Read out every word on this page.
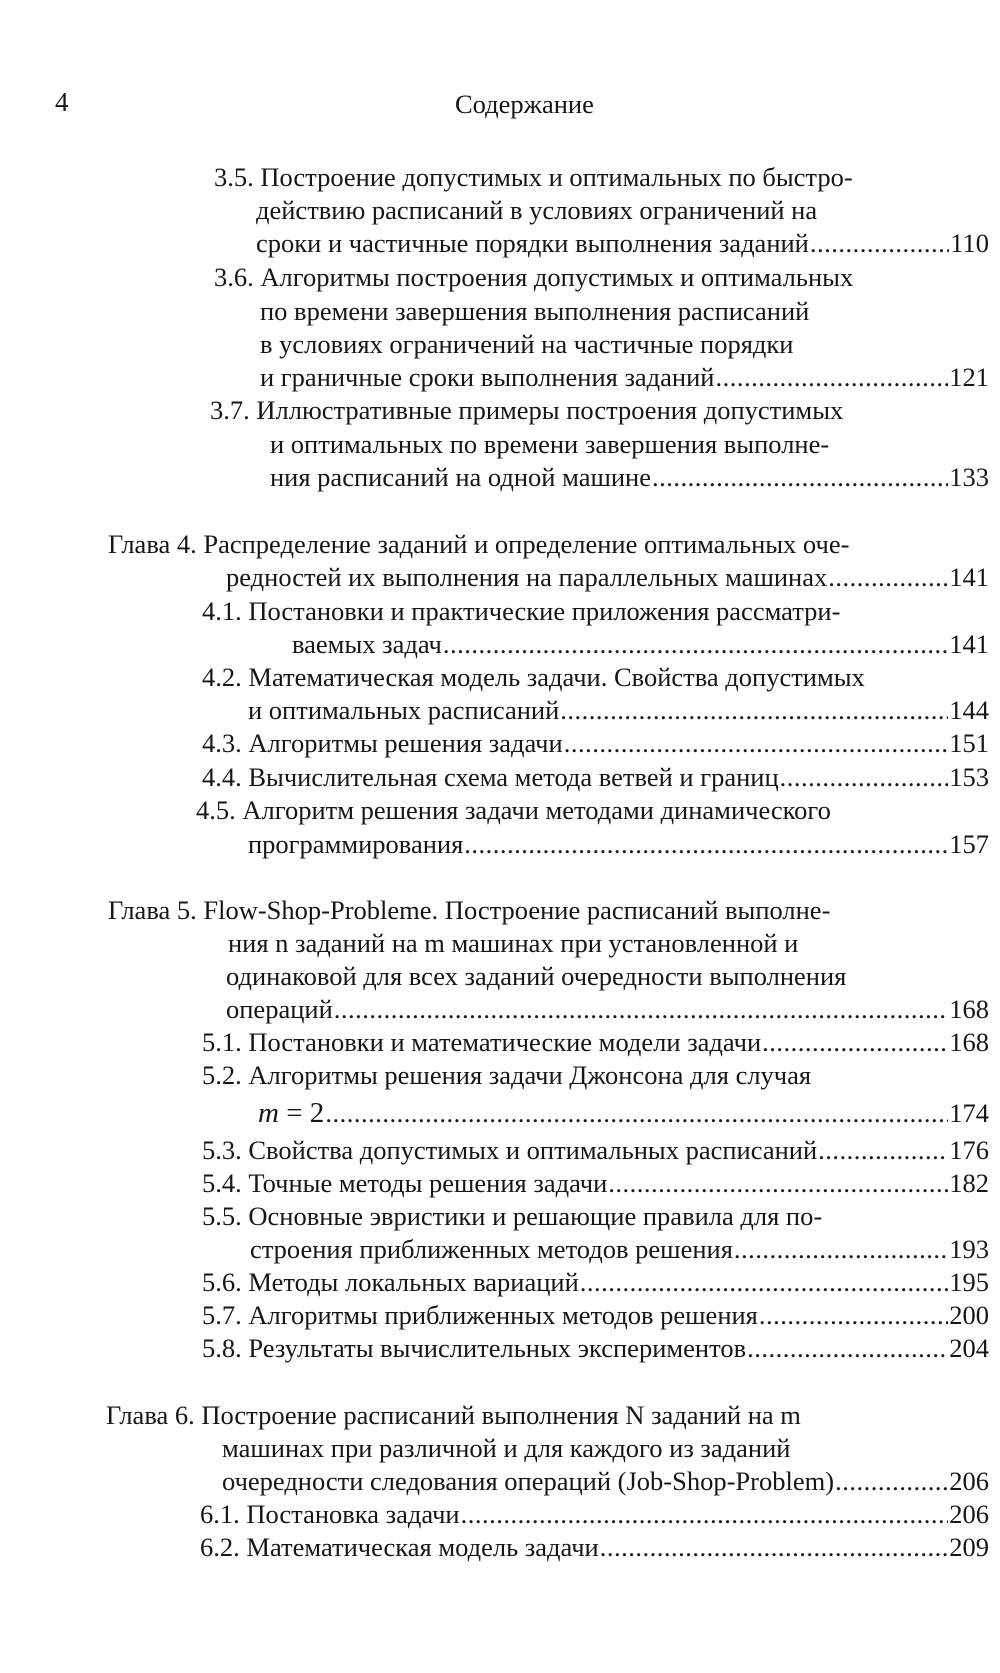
4	Содержание
3.5. Построение допустимых и оптимальных по быстро-
действию расписаний в условиях ограничений на
сроки и частичные порядки выполнения заданий .....	110
3.6. Алгоритмы построения допустимых и оптимальных
по времени завершения выполнения расписаний
в условиях ограничений на частичные порядки
и граничные сроки выполнения заданий .....	121
3.7. Иллюстративные примеры построения допустимых
и оптимальных по времени завершения выполне-
ния расписаний на одной машине .....	133
Глава 4. Распределение заданий и определение оптимальных оче-
редностей их выполнения на параллельных машинах .....	141
4.1. Постановки и практические приложения рассматри-
ваемых задач .....	141
4.2. Математическая модель задачи. Свойства допустимых
и оптимальных расписаний .....	144
4.3. Алгоритмы решения задачи .....	151
4.4. Вычислительная схема метода ветвей и границ .....	153
4.5. Алгоритм решения задачи методами динамического
программирования .....	157
Глава 5. Flow-Shop-Probleme. Построение расписаний выполне-
ния n заданий на m машинах при установленной и
одинаковой для всех заданий очередности выполнения
операций .....	168
5.1. Постановки и математические модели задачи .....	168
5.2. Алгоритмы решения задачи Джонсона для случая
m = 2 .....	174
5.3. Свойства допустимых и оптимальных расписаний .....	176
5.4. Точные методы решения задачи .....	182
5.5. Основные эвристики и решающие правила для по-
строения приближенных методов решения .....	193
5.6. Методы локальных вариаций .....	195
5.7. Алгоритмы приближенных методов решения .....	200
5.8. Результаты вычислительных экспериментов .....	204
Глава 6. Построение расписаний выполнения N заданий на m
машинах при различной и для каждого из заданий
очередности следования операций (Job-Shop-Problem) .....	206
6.1. Постановка задачи .....	206
6.2. Математическая модель задачи .....	209
